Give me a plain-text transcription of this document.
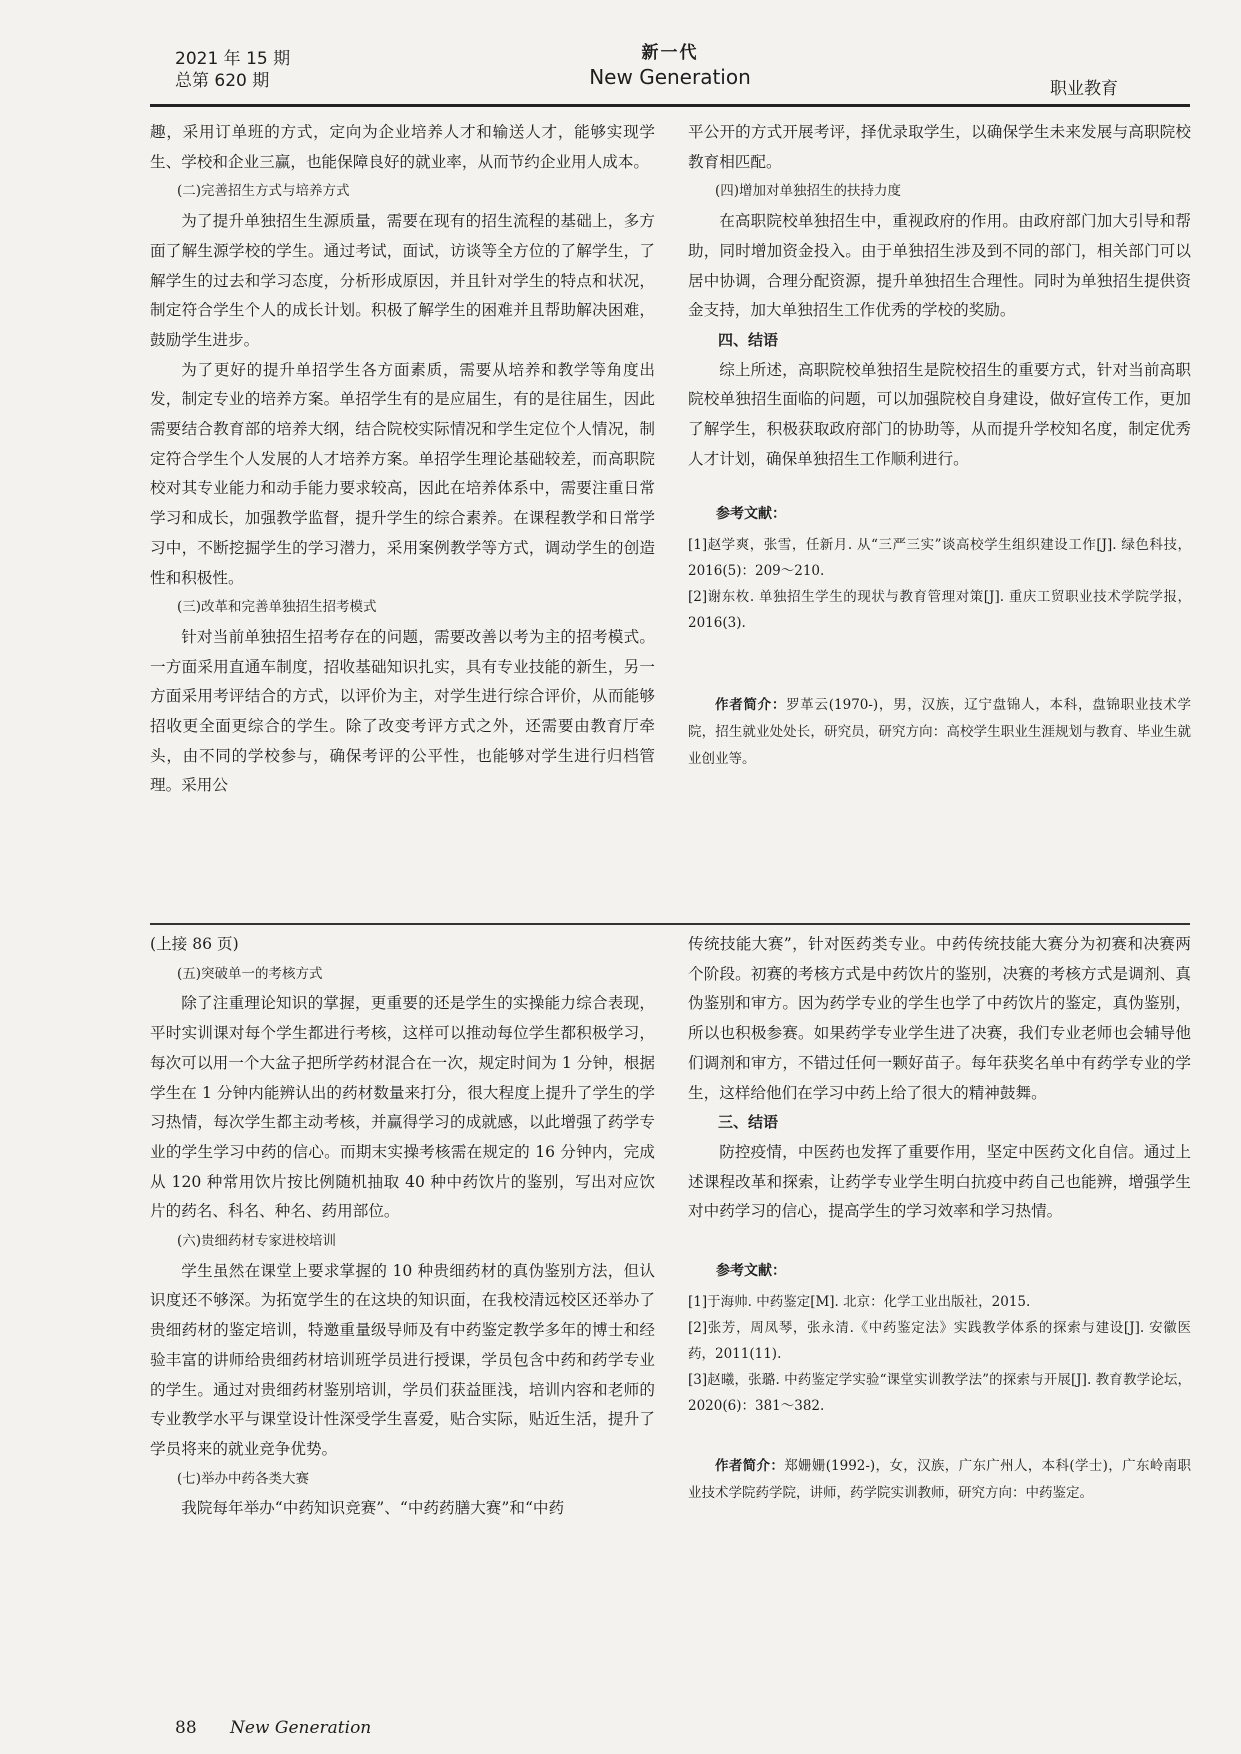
2021 年 15 期
总第 620 期
新一代
New Generation	职业教育

趣，采用订单班的方式，定向为企业培养人才和输送人才，能够实现学生、学校和企业三赢，也能保障良好的就业率，从而节约企业用人成本。

(二)完善招生方式与培养方式

为了提升单独招生生源质量，需要在现有的招生流程的基础上，多方面了解生源学校的学生。通过考试，面试，访谈等全方位的了解学生，了解学生的过去和学习态度，分析形成原因，并且针对学生的特点和状况，制定符合学生个人的成长计划。积极了解学生的困难并且帮助解决困难，鼓励学生进步。

为了更好的提升单招学生各方面素质，需要从培养和教学等角度出发，制定专业的培养方案。单招学生有的是应届生，有的是往届生，因此需要结合教育部的培养大纲，结合院校实际情况和学生定位个人情况，制定符合学生个人发展的人才培养方案。单招学生理论基础较差，而高职院校对其专业能力和动手能力要求较高，因此在培养体系中，需要注重日常学习和成长，加强教学监督，提升学生的综合素养。在课程教学和日常学习中，不断挖掘学生的学习潜力，采用案例教学等方式，调动学生的创造性和积极性。

(三)改革和完善单独招生招考模式

针对当前单独招生招考存在的问题，需要改善以考为主的招考模式。一方面采用直通车制度，招收基础知识扎实，具有专业技能的新生，另一方面采用考评结合的方式，以评价为主，对学生进行综合评价，从而能够招收更全面更综合的学生。除了改变考评方式之外，还需要由教育厅牵头，由不同的学校参与，确保考评的公平性，也能够对学生进行归档管理。采用公

平公开的方式开展考评，择优录取学生，以确保学生未来发展与高职院校教育相匹配。

(四)增加对单独招生的扶持力度

在高职院校单独招生中，重视政府的作用。由政府部门加大引导和帮助，同时增加资金投入。由于单独招生涉及到不同的部门，相关部门可以居中协调，合理分配资源，提升单独招生合理性。同时为单独招生提供资金支持，加大单独招生工作优秀的学校的奖励。

四、结语

综上所述，高职院校单独招生是院校招生的重要方式，针对当前高职院校单独招生面临的问题，可以加强院校自身建设，做好宣传工作，更加了解学生，积极获取政府部门的协助等，从而提升学校知名度，制定优秀人才计划，确保单独招生工作顺利进行。

参考文献：

[1]赵学爽，张雪，任新月. 从“三严三实”谈高校学生组织建设工作[J]. 绿色科技，2016(5)：209～210.

[2]谢东枚. 单独招生学生的现状与教育管理对策[J]. 重庆工贸职业技术学院学报，2016(3).

作者简介：罗革云(1970-)，男，汉族，辽宁盘锦人，本科，盘锦职业技术学院，招生就业处处长，研究员，研究方向：高校学生职业生涯规划与教育、毕业生就业创业等。

(上接 86 页)

(五)突破单一的考核方式

除了注重理论知识的掌握，更重要的还是学生的实操能力综合表现，平时实训课对每个学生都进行考核，这样可以推动每位学生都积极学习，每次可以用一个大盆子把所学药材混合在一次，规定时间为 1 分钟，根据学生在 1 分钟内能辨认出的药材数量来打分，很大程度上提升了学生的学习热情，每次学生都主动考核，并赢得学习的成就感，以此增强了药学专业的学生学习中药的信心。而期末实操考核需在规定的 16 分钟内，完成从 120 种常用饮片按比例随机抽取 40 种中药饮片的鉴别，写出对应饮片的药名、科名、种名、药用部位。

(六)贵细药材专家进校培训

学生虽然在课堂上要求掌握的 10 种贵细药材的真伪鉴别方法，但认识度还不够深。为拓宽学生的在这块的知识面，在我校清远校区还举办了贵细药材的鉴定培训，特邀重量级导师及有中药鉴定教学多年的博士和经验丰富的讲师给贵细药材培训班学员进行授课，学员包含中药和药学专业的学生。通过对贵细药材鉴别培训，学员们获益匪浅，培训内容和老师的专业教学水平与课堂设计性深受学生喜爱，贴合实际，贴近生活，提升了学员将来的就业竞争优势。

(七)举办中药各类大赛

我院每年举办“中药知识竞赛”、“中药药膳大赛”和“中药

传统技能大赛”，针对医药类专业。中药传统技能大赛分为初赛和决赛两个阶段。初赛的考核方式是中药饮片的鉴别，决赛的考核方式是调剂、真伪鉴别和审方。因为药学专业的学生也学了中药饮片的鉴定，真伪鉴别，所以也积极参赛。如果药学专业学生进了决赛，我们专业老师也会辅导他们调剂和审方，不错过任何一颗好苗子。每年获奖名单中有药学专业的学生，这样给他们在学习中药上给了很大的精神鼓舞。

三、结语

防控疫情，中医药也发挥了重要作用，坚定中医药文化自信。通过上述课程改革和探索，让药学专业学生明白抗疫中药自己也能辨，增强学生对中药学习的信心，提高学生的学习效率和学习热情。

参考文献：

[1]于海帅. 中药鉴定[M]. 北京：化学工业出版社，2015.

[2]张芳，周凤琴，张永清.《中药鉴定法》实践教学体系的探索与建设[J]. 安徽医药，2011(11).

[3]赵曦，张璐. 中药鉴定学实验“课堂实训教学法”的探索与开展[J]. 教育教学论坛，2020(6)：381～382.

作者简介：郑姗姗(1992-)，女，汉族，广东广州人，本科(学士)，广东岭南职业技术学院药学院，讲师，药学院实训教师，研究方向：中药鉴定。

88 New Generation
